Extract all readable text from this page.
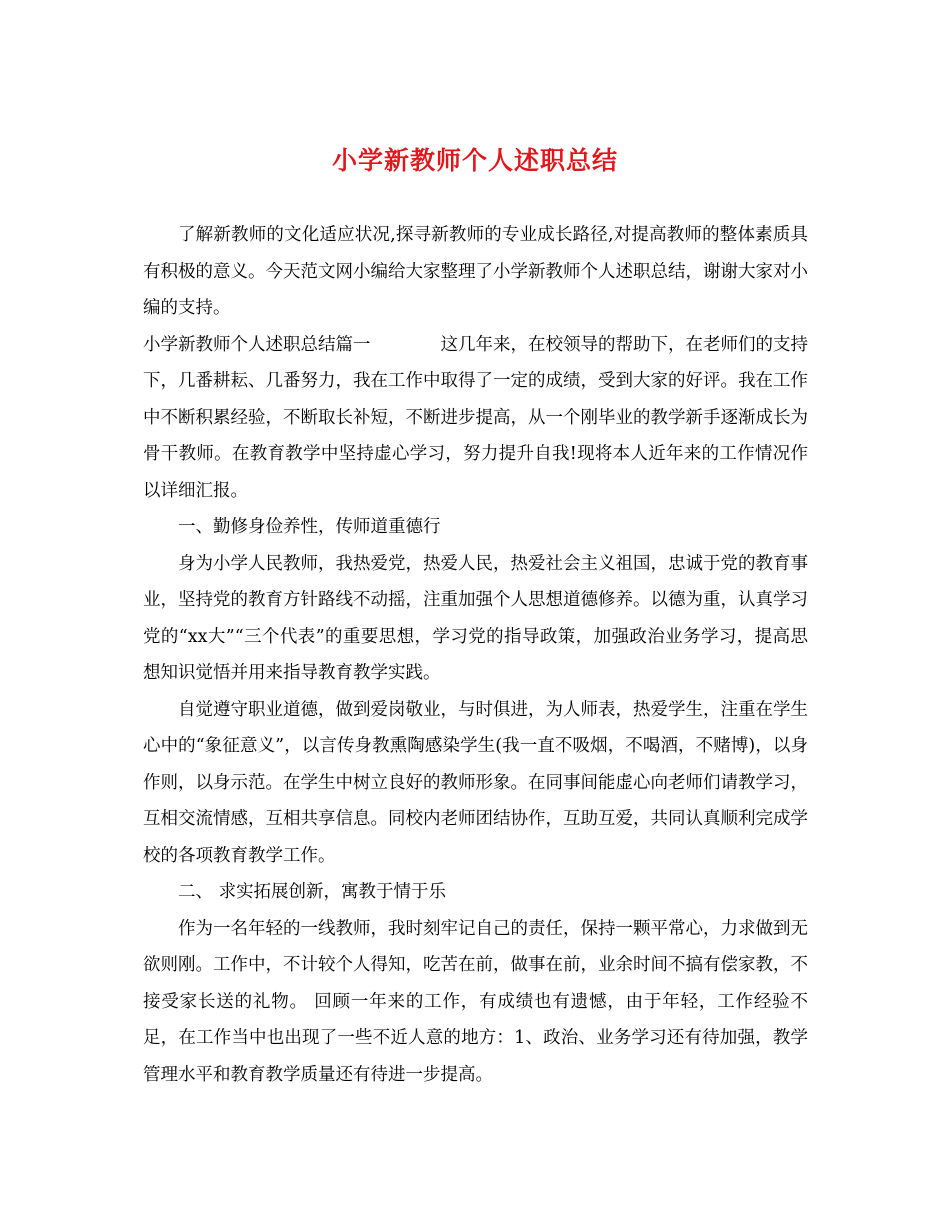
小学新教师个人述职总结

了解新教师的文化适应状况,探寻新教师的专业成长路径,对提高教师的整体素质具有积极的意义。今天范文网小编给大家整理了小学新教师个人述职总结，谢谢大家对小编的支持。

小学新教师个人述职总结篇一	这几年来，在校领导的帮助下，在老师们的支持下，几番耕耘、几番努力，我在工作中取得了一定的成绩，受到大家的好评。我在工作中不断积累经验，不断取长补短，不断进步提高，从一个刚毕业的教学新手逐渐成长为骨干教师。在教育教学中坚持虚心学习，努力提升自我!现将本人近年来的工作情况作以详细汇报。

一、勤修身俭养性，传师道重德行

身为小学人民教师，我热爱党，热爱人民，热爱社会主义祖国，忠诚于党的教育事业，坚持党的教育方针路线不动摇，注重加强个人思想道德修养。以德为重，认真学习党的“xx大”“三个代表”的重要思想，学习党的指导政策，加强政治业务学习，提高思想知识觉悟并用来指导教育教学实践。

自觉遵守职业道德，做到爱岗敬业，与时俱进，为人师表，热爱学生，注重在学生心中的“象征意义”，以言传身教熏陶感染学生(我一直不吸烟，不喝酒，不赌博)，以身作则，以身示范。在学生中树立良好的教师形象。在同事间能虚心向老师们请教学习，互相交流情感，互相共享信息。同校内老师团结协作，互助互爱，共同认真顺利完成学校的各项教育教学工作。

二、 求实拓展创新，寓教于情于乐

作为一名年轻的一线教师，我时刻牢记自己的责任，保持一颗平常心，力求做到无欲则刚。工作中，不计较个人得知，吃苦在前，做事在前，业余时间不搞有偿家教，不接受家长送的礼物。 回顾一年来的工作，有成绩也有遗憾，由于年轻，工作经验不足，在工作当中也出现了一些不近人意的地方：1、政治、业务学习还有待加强，教学管理水平和教育教学质量还有待进一步提高。
